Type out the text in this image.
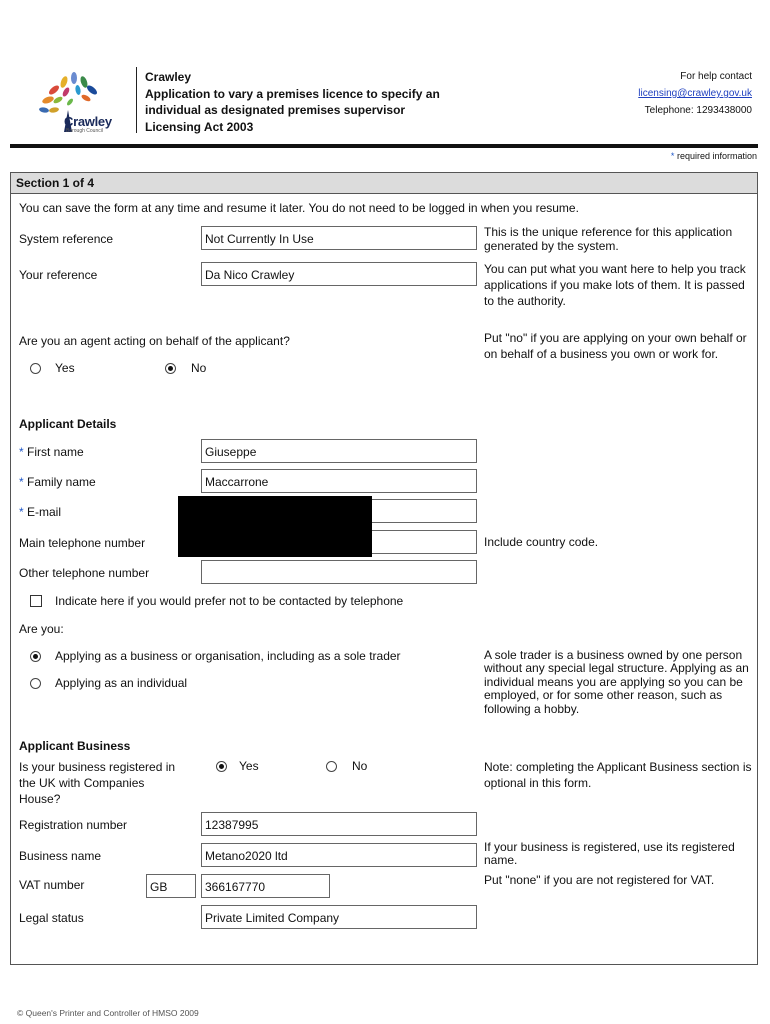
Crawley
Borough Council
Crawley
Application to vary a premises licence to specify an
individual as designated premises supervisor
Licensing Act 2003
For help contact
licensing@crawley.gov.uk
Telephone: 1293438000
* required information
Section 1 of 4
You can save the form at any time and resume it later. You do not need to be logged in when you resume.
System reference	Not Currently In Use	This is the unique reference for this application generated by the system.
Your reference	Da Nico Crawley	You can put what you want here to help you track applications if you make lots of them. It is passed to the authority.
Are you an agent acting on behalf of the applicant?
Yes	No
Put "no" if you are applying on your own behalf or on behalf of a business you own or work for.
Applicant Details
* First name	Giuseppe
* Family name	Maccarrone
* E-mail
Main telephone number	Include country code.
Other telephone number
Indicate here if you would prefer not to be contacted by telephone
Are you:
Applying as a business or organisation, including as a sole trader
Applying as an individual
A sole trader is a business owned by one person without any special legal structure. Applying as an individual means you are applying so you can be employed, or for some other reason, such as following a hobby.
Applicant Business
Is your business registered in
the UK with Companies
House?
Yes	No	Note: completing the Applicant Business section is optional in this form.
Registration number	12387995
Business name	Metano2020 ltd
If your business is registered, use its registered name.
VAT number	GB	366167770	Put "none" if you are not registered for VAT.
Legal status	Private Limited Company
© Queen's Printer and Controller of HMSO 2009
